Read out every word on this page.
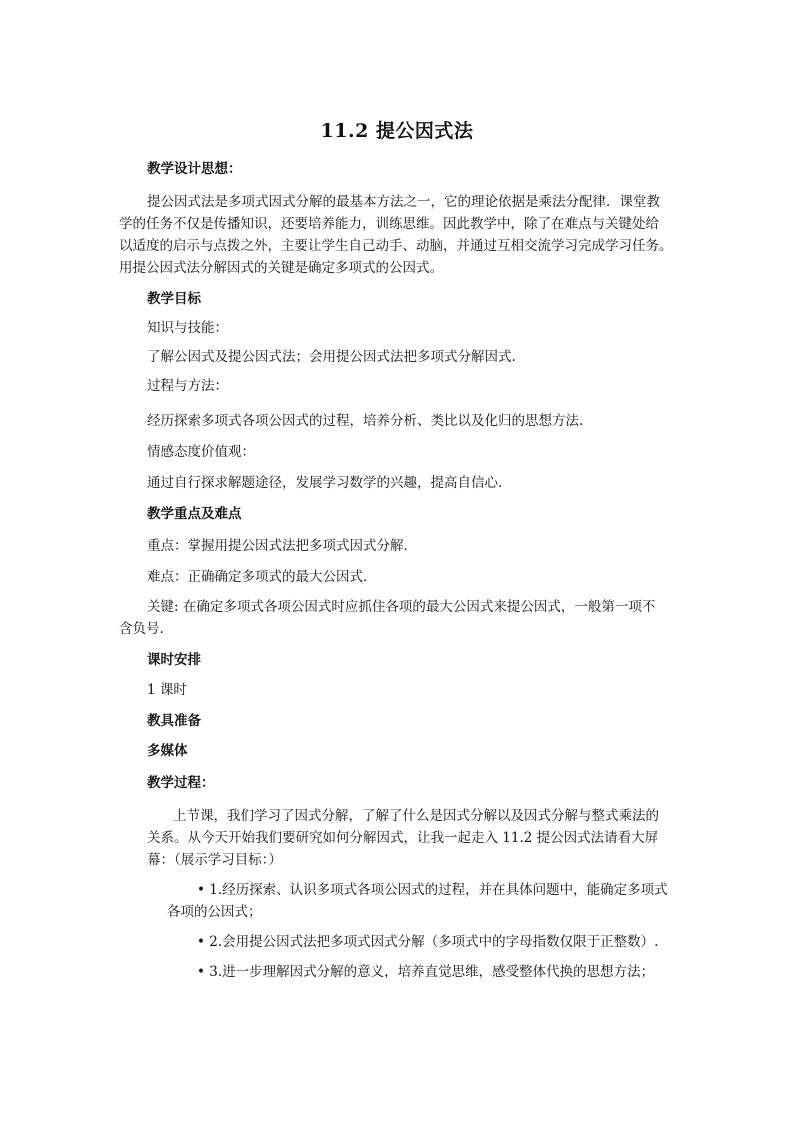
11.2 提公因式法
教学设计思想：
提公因式法是多项式因式分解的最基本方法之一，它的理论依据是乘法分配律．课堂教
学的任务不仅是传播知识，还要培养能力，训练思维。因此教学中，除了在难点与关键处给
以适度的启示与点拨之外，主要让学生自己动手、动脑，并通过互相交流学习完成学习任务。
用提公因式法分解因式的关键是确定多项式的公因式。
教学目标
知识与技能：
了解公因式及提公因式法；会用提公因式法把多项式分解因式.
过程与方法：
经历探索多项式各项公因式的过程，培养分析、类比以及化归的思想方法.
情感态度价值观：
通过自行探求解题途径，发展学习数学的兴趣，提高自信心.
教学重点及难点
重点：掌握用提公因式法把多项式因式分解．
难点：正确确定多项式的最大公因式．
关键: 在确定多项式各项公因式时应抓住各项的最大公因式来提公因式，一般第一项不
含负号.
课时安排
1 课时
教具准备
多媒体
教学过程：
上节课，我们学习了因式分解，了解了什么是因式分解以及因式分解与整式乘法的
关系。从今天开始我们要研究如何分解因式，让我一起走入 11.2 提公因式法请看大屏
幕：（展示学习目标：）
• 1.经历探索、认识多项式各项公因式的过程，并在具体问题中，能确定多项式
各项的公因式；
• 2.会用提公因式法把多项式因式分解（多项式中的字母指数仅限于正整数）.
• 3.进一步理解因式分解的意义，培养直觉思维，感受整体代换的思想方法；
